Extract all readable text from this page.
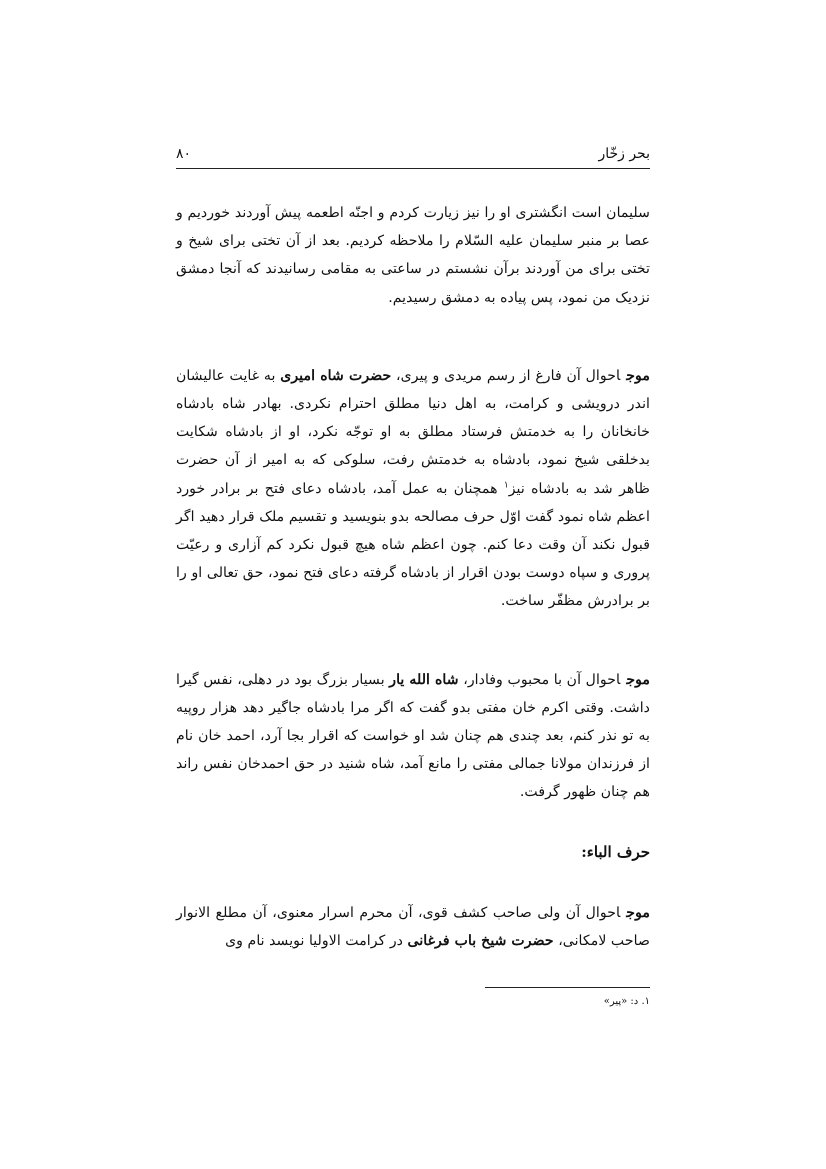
بحر زخّار
۸۰

سلیمان است انگشتری او را نیز زیارت کردم و اجنّه اطعمه پیش آوردند خوردیم و عصا بر منبر سلیمان علیه السّلام را ملاحظه کردیم. بعد از آن تختی برای شیخ و تختی برای من آوردند برآن نشستم در ساعتی به مقامی رسانیدند که آنجا دمشق نزدیک من نمود، پس پیاده به دمشق رسیدیم.

موجاحوال آن فارغ از رسم مریدی و پیری، حضرت شاه امیری به غایت عالیشان اندر درویشی و کرامت، به اهل دنیا مطلق احترام نکردی. بهادر شاه بادشاه خانخانان را به خدمتش فرستاد مطلق به او توجّه نکرد، او از بادشاه شکایت بدخلقی شیخ نمود، بادشاه به خدمتش رفت، سلوکی که به امیر از آن حضرت ظاهر شد به بادشاه نیز$^۱$ همچنان به عمل آمد، بادشاه دعای فتح بر برادر خورد اعظم شاه نمود گفت اوّل حرف مصالحه بدو بنویسید و تقسیم ملک قرار دهید اگر قبول نکند آن وقت دعا کنم. چون اعظم شاه هیچ قبول نکرد کم آزاری و رعیّت پروری و سپاه دوست بودن اقرار از بادشاه گرفته دعای فتح نمود، حق تعالی او را بر برادرش مظفّر ساخت.

موجاحوال آن با محبوب وفادار، شاه الله یار بسیار بزرگ بود در دهلی، نفس گیرا داشت. وقتی اکرم خان مفتی بدو گفت که اگر مرا بادشاه جاگیر دهد هزار روپیه به تو نذر کنم، بعد چندی هم چنان شد او خواست که اقرار بجا آرد، احمد خان نام از فرزندان مولانا جمالی مفتی را مانع آمد، شاه شنید در حق احمدخان نفس راند هم چنان ظهور گرفت.

حرف الباء:

موجاحوال آن ولی صاحب کشف قوی، آن محرم اسرار معنوی، آن مطلع الانوار صاحب لامکانی، حضرت شیخ باب فرغانی در کرامت الاولیا نویسد نام وی

۱. د: «پیر»
